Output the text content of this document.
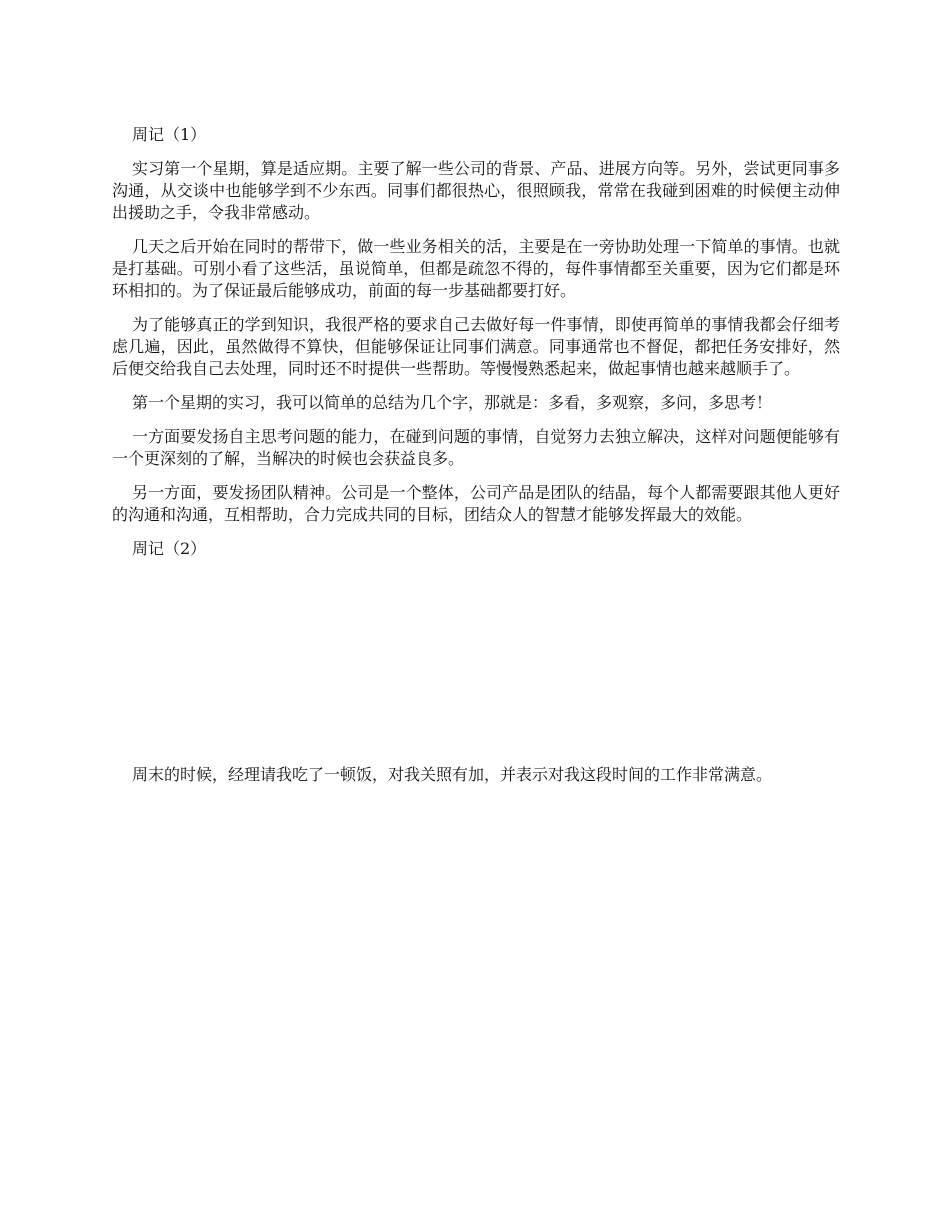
周记（1）

实习第一个星期，算是适应期。主要了解一些公司的背景、产品、进展方向等。另外，尝试更同事多沟通，从交谈中也能够学到不少东西。同事们都很热心，很照顾我，常常在我碰到困难的时候便主动伸出援助之手，令我非常感动。

几天之后开始在同时的帮带下，做一些业务相关的活，主要是在一旁协助处理一下简单的事情。也就是打基础。可别小看了这些活，虽说简单，但都是疏忽不得的，每件事情都至关重要，因为它们都是环环相扣的。为了保证最后能够成功，前面的每一步基础都要打好。

为了能够真正的学到知识，我很严格的要求自己去做好每一件事情，即使再简单的事情我都会仔细考虑几遍，因此，虽然做得不算快，但能够保证让同事们满意。同事通常也不督促，都把任务安排好，然后便交给我自己去处理，同时还不时提供一些帮助。等慢慢熟悉起来，做起事情也越来越顺手了。

第一个星期的实习，我可以简单的总结为几个字，那就是：多看，多观察，多问，多思考！

一方面要发扬自主思考问题的能力，在碰到问题的事情，自觉努力去独立解决，这样对问题便能够有一个更深刻的了解，当解决的时候也会获益良多。

另一方面，要发扬团队精神。公司是一个整体，公司产品是团队的结晶，每个人都需要跟其他人更好的沟通和沟通，互相帮助，合力完成共同的目标，团结众人的智慧才能够发挥最大的效能。

周记（2）

周末的时候，经理请我吃了一顿饭，对我关照有加，并表示对我这段时间的工作非常满意。
